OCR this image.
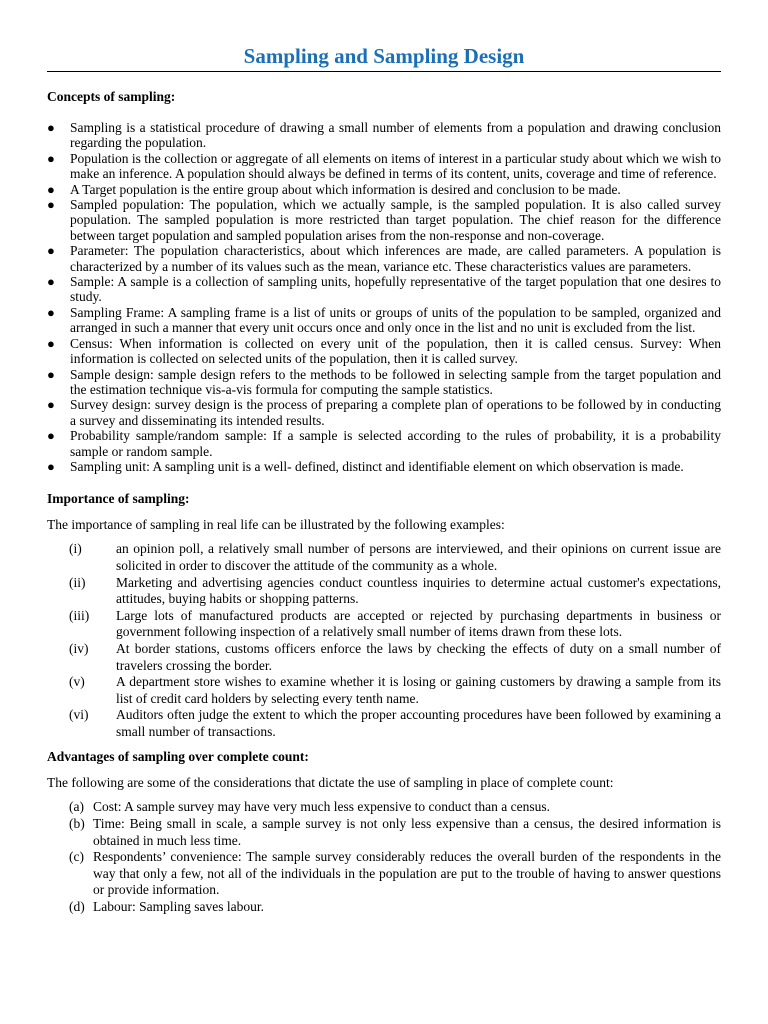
Sampling and Sampling Design
Concepts of sampling:
● Sampling is a statistical procedure of drawing a small number of elements from a population and drawing conclusion regarding the population.
● Population is the collection or aggregate of all elements on items of interest in a particular study about which we wish to make an inference. A population should always be defined in terms of its content, units, coverage and time of reference.
● A Target population is the entire group about which information is desired and conclusion to be made.
● Sampled population: The population, which we actually sample, is the sampled population. It is also called survey population. The sampled population is more restricted than target population. The chief reason for the difference between target population and sampled population arises from the non-response and non-coverage.
● Parameter: The population characteristics, about which inferences are made, are called parameters. A population is characterized by a number of its values such as the mean, variance etc. These characteristics values are parameters.
● Sample: A sample is a collection of sampling units, hopefully representative of the target population that one desires to study.
● Sampling Frame: A sampling frame is a list of units or groups of units of the population to be sampled, organized and arranged in such a manner that every unit occurs once and only once in the list and no unit is excluded from the list.
● Census: When information is collected on every unit of the population, then it is called census. Survey: When information is collected on selected units of the population, then it is called survey.
● Sample design: sample design refers to the methods to be followed in selecting sample from the target population and the estimation technique vis-a-vis formula for computing the sample statistics.
● Survey design: survey design is the process of preparing a complete plan of operations to be followed by in conducting a survey and disseminating its intended results.
● Probability sample/random sample: If a sample is selected according to the rules of probability, it is a probability sample or random sample.
● Sampling unit: A sampling unit is a well- defined, distinct and identifiable element on which observation is made.
Importance of sampling:
The importance of sampling in real life can be illustrated by the following examples:
(i)	an opinion poll, a relatively small number of persons are interviewed, and their opinions on current issue are solicited in order to discover the attitude of the community as a whole.
(ii) Marketing and advertising agencies conduct countless inquiries to determine actual customer's expectations, attitudes, buying habits or shopping patterns.
(iii) Large lots of manufactured products are accepted or rejected by purchasing departments in business or government following inspection of a relatively small number of items drawn from these lots.
(iv) At border stations, customs officers enforce the laws by checking the effects of duty on a small number of travelers crossing the border.
(v) A department store wishes to examine whether it is losing or gaining customers by drawing a sample from its list of credit card holders by selecting every tenth name.
(vi) Auditors often judge the extent to which the proper accounting procedures have been followed by examining a small number of transactions.
Advantages of sampling over complete count:
The following are some of the considerations that dictate the use of sampling in place of complete count:
(a) Cost: A sample survey may have very much less expensive to conduct than a census.
(b) Time: Being small in scale, a sample survey is not only less expensive than a census, the desired information is obtained in much less time.
(c) Respondents’ convenience: The sample survey considerably reduces the overall burden of the respondents in the way that only a few, not all of the individuals in the population are put to the trouble of having to answer questions or provide information.
(d) Labour: Sampling saves labour.
